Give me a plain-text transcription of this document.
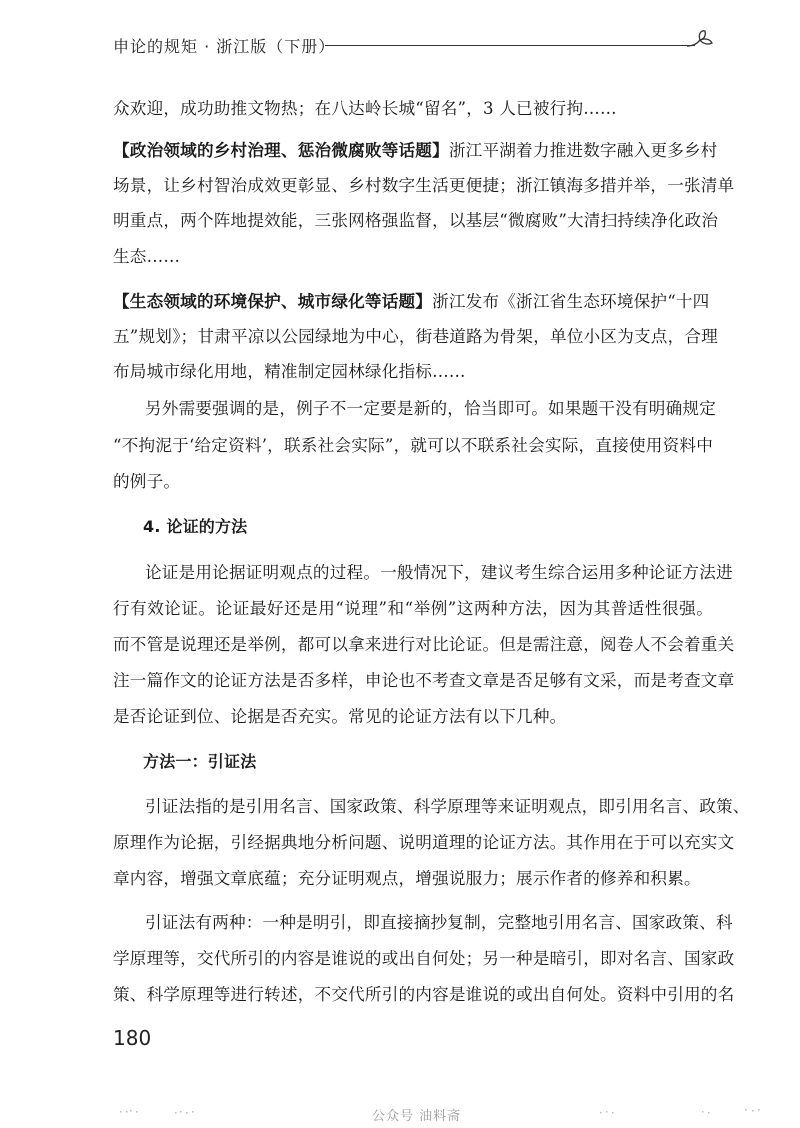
申论的规矩 · 浙江版（下册）
众欢迎，成功助推文物热；在八达岭长城“留名”，3 人已被行拘……
【政治领域的乡村治理、惩治微腐败等话题】浙江平湖着力推进数字融入更多乡村
场景，让乡村智治成效更彰显、乡村数字生活更便捷；浙江镇海多措并举，一张清单
明重点，两个阵地提效能，三张网格强监督，以基层“微腐败”大清扫持续净化政治
生态……
【生态领域的环境保护、城市绿化等话题】浙江发布《浙江省生态环境保护“十四
五”规划》；甘肃平凉以公园绿地为中心，街巷道路为骨架，单位小区为支点，合理
布局城市绿化用地，精准制定园林绿化指标……
另外需要强调的是，例子不一定要是新的，恰当即可。如果题干没有明确规定
“不拘泥于‘给定资料’，联系社会实际”，就可以不联系社会实际，直接使用资料中
的例子。
4. 论证的方法
论证是用论据证明观点的过程。一般情况下，建议考生综合运用多种论证方法进
行有效论证。论证最好还是用“说理”和“举例”这两种方法，因为其普适性很强。
而不管是说理还是举例，都可以拿来进行对比论证。但是需注意，阅卷人不会着重关
注一篇作文的论证方法是否多样，申论也不考查文章是否足够有文采，而是考查文章
是否论证到位、论据是否充实。常见的论证方法有以下几种。
方法一：引证法
引证法指的是引用名言、国家政策、科学原理等来证明观点，即引用名言、政策、
原理作为论据，引经据典地分析问题、说明道理的论证方法。其作用在于可以充实文
章内容，增强文章底蕴；充分证明观点，增强说服力；展示作者的修养和积累。
引证法有两种：一种是明引，即直接摘抄复制，完整地引用名言、国家政策、科
学原理等，交代所引的内容是谁说的或出自何处；另一种是暗引，即对名言、国家政
策、科学原理等进行转述，不交代所引的内容是谁说的或出自何处。资料中引用的名
180
公众号 油料斋
